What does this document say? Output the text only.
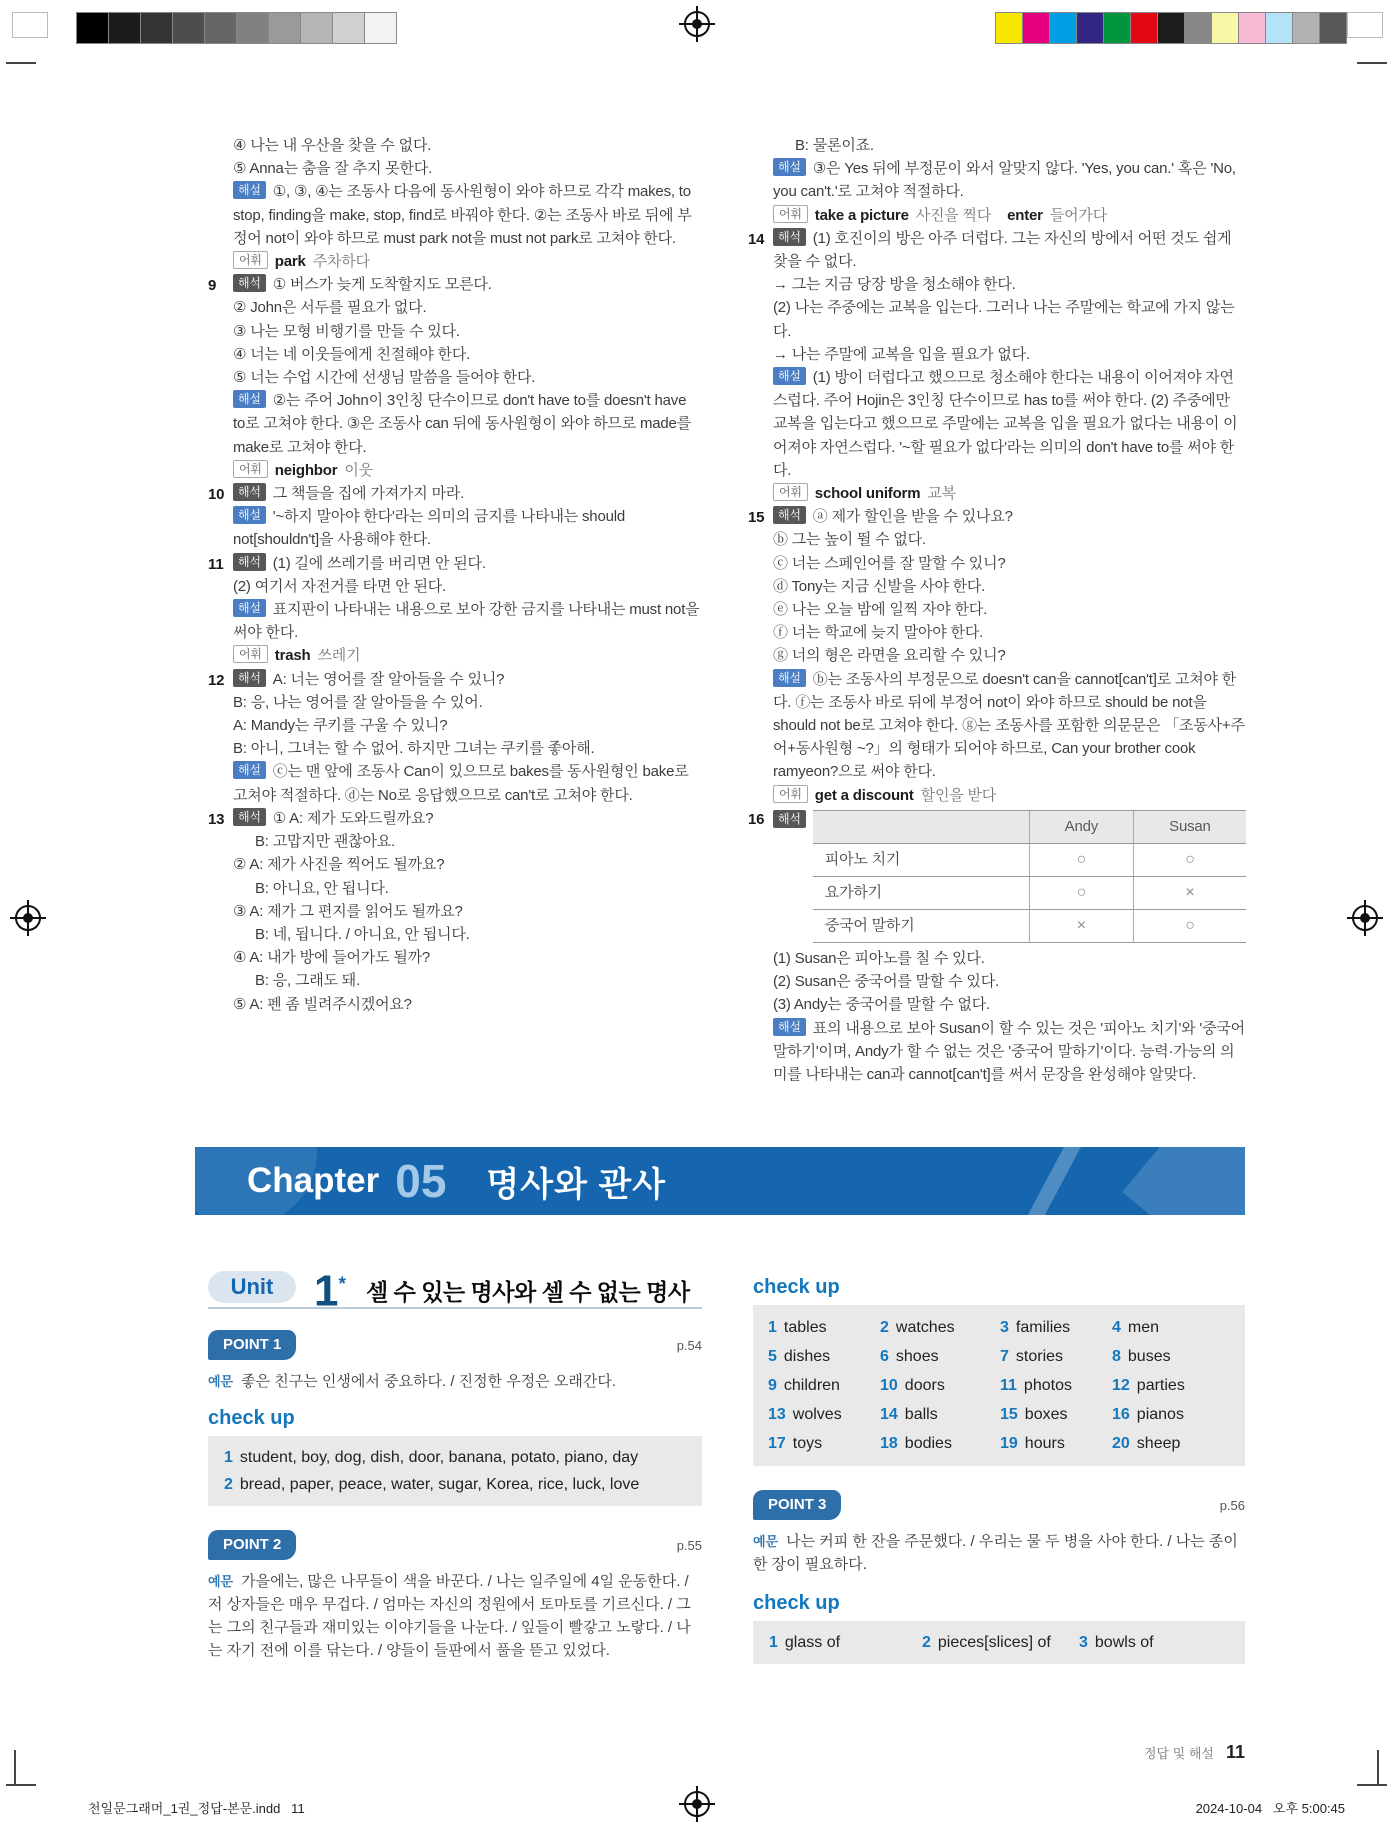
④ 나는 내 우산을 찾을 수 없다.
⑤ Anna는 춤을 잘 추지 못한다.
해설 ①, ③, ④는 조동사 다음에 동사원형이 와야 하므로 각각 makes, to stop, finding을 make, stop, find로 바꿔야 한다. ②는 조동사 바로 뒤에 부정어 not이 와야 하므로 must park not을 must not park로 고쳐야 한다.
어휘 park 주차하다
9	해석 ① 버스가 늦게 도착할지도 모른다.
② John은 서두를 필요가 없다.
③ 나는 모형 비행기를 만들 수 있다.
④ 너는 네 이웃들에게 친절해야 한다.
⑤ 너는 수업 시간에 선생님 말씀을 들어야 한다.
해설 ②는 주어 John이 3인칭 단수이므로 don't have to를 doesn't have to로 고쳐야 한다. ③은 조동사 can 뒤에 동사원형이 와야 하므로 made를 make로 고쳐야 한다.
어휘 neighbor 이웃
10	해석 그 책들을 집에 가져가지 마라.
해설 '~하지 말아야 한다'라는 의미의 금지를 나타내는 should not[shouldn't]을 사용해야 한다.
11	해석 (1) 길에 쓰레기를 버리면 안 된다.
(2) 여기서 자전거를 타면 안 된다.
해설 표지판이 나타내는 내용으로 보아 강한 금지를 나타내는 must not을 써야 한다.
어휘 trash 쓰레기
12	해석 A: 너는 영어를 잘 알아들을 수 있니?
B: 응, 나는 영어를 잘 알아들을 수 있어.
A: Mandy는 쿠키를 구울 수 있니?
B: 아니, 그녀는 할 수 없어. 하지만 그녀는 쿠키를 좋아해.
해설 ⓒ는 맨 앞에 조동사 Can이 있으므로 bakes를 동사원형인 bake로 고쳐야 적절하다. ⓓ는 No로 응답했으므로 can't로 고쳐야 한다.
13	해석 ① A: 제가 도와드릴까요?
B: 고맙지만 괜찮아요.
② A: 제가 사진을 찍어도 될까요?
B: 아니요, 안 됩니다.
③ A: 제가 그 편지를 읽어도 될까요?
B: 네, 됩니다. / 아니요, 안 됩니다.
④ A: 내가 방에 들어가도 될까?
B: 응, 그래도 돼.
⑤ A: 펜 좀 빌려주시겠어요?
B: 물론이죠.
해설 ③은 Yes 뒤에 부정문이 와서 알맞지 않다. 'Yes, you can.' 혹은 'No, you can't.'로 고쳐야 적절하다.
어휘 take a picture 사진을 찍다 enter 들어가다
14	해석 (1) 호진이의 방은 아주 더럽다. 그는 자신의 방에서 어떤 것도 쉽게 찾을 수 없다.
→ 그는 지금 당장 방을 청소해야 한다.
(2) 나는 주중에는 교복을 입는다. 그러나 나는 주말에는 학교에 가지 않는다.
→ 나는 주말에 교복을 입을 필요가 없다.
해설 (1) 방이 더럽다고 했으므로 청소해야 한다는 내용이 이어져야 자연스럽다. 주어 Hojin은 3인칭 단수이므로 has to를 써야 한다. (2) 주중에만 교복을 입는다고 했으므로 주말에는 교복을 입을 필요가 없다는 내용이 이어져야 자연스럽다. '~할 필요가 없다'라는 의미의 don't have to를 써야 한다.
어휘 school uniform 교복
15	해석 ⓐ 제가 할인을 받을 수 있나요?
ⓑ 그는 높이 뛸 수 없다.
ⓒ 너는 스페인어를 잘 말할 수 있니?
ⓓ Tony는 지금 신발을 사야 한다.
ⓔ 나는 오늘 밤에 일찍 자야 한다.
ⓕ 너는 학교에 늦지 말아야 한다.
ⓖ 너의 형은 라면을 요리할 수 있니?
해설 ⓑ는 조동사의 부정문으로 doesn't can을 cannot[can't]로 고쳐야 한다. ⓕ는 조동사 바로 뒤에 부정어 not이 와야 하므로 should be not을 should not be로 고쳐야 한다. ⓖ는 조동사를 포함한 의문문은 「조동사+주어+동사원형 ~?」의 형태가 되어야 하므로, Can your brother cook ramyeon?으로 써야 한다.
어휘 get a discount 할인을 받다
16	해석
		Andy	Susan
피아노 치기	○	○
요가하기	○	×
중국어 말하기	×	○
(1) Susan은 피아노를 칠 수 있다.
(2) Susan은 중국어를 말할 수 있다.
(3) Andy는 중국어를 말할 수 없다.
해설 표의 내용으로 보아 Susan이 할 수 있는 것은 '피아노 치기'와 '중국어 말하기'이며, Andy가 할 수 없는 것은 '중국어 말하기'이다. 능력·가능의 의미를 나타내는 can과 cannot[can't]를 써서 문장을 완성해야 알맞다.
Chapter 05 명사와 관사
Unit 1* 셀 수 있는 명사와 셀 수 없는 명사
POINT 1	p.54
예문 좋은 친구는 인생에서 중요하다. / 진정한 우정은 오래간다.
check up
1 student, boy, dog, dish, door, banana, potato, piano, day
2 bread, paper, peace, water, sugar, Korea, rice, luck, love
POINT 2	p.55
예문 가을에는, 많은 나무들이 색을 바꾼다. / 나는 일주일에 4일 운동한다. / 저 상자들은 매우 무겁다. / 엄마는 자신의 정원에서 토마토를 기르신다. / 그는 그의 친구들과 재미있는 이야기들을 나눈다. / 잎들이 빨갛고 노랗다. / 나는 자기 전에 이를 닦는다. / 양들이 들판에서 풀을 뜯고 있었다.
check up
1 tables	2 watches	3 families	4 men
5 dishes	6 shoes	7 stories	8 buses
9 children	10 doors	11 photos	12 parties
13 wolves	14 balls	15 boxes	16 pianos
17 toys	18 bodies	19 hours	20 sheep
POINT 3	p.56
예문 나는 커피 한 잔을 주문했다. / 우리는 물 두 병을 사야 한다. / 나는 종이 한 장이 필요하다.
check up
1 glass of	2 pieces[slices] of	3 bowls of
정답 및 해설 11
천일문그래머_1권_정답-본문.indd   11	2024-10-04   오후 5:00:45
